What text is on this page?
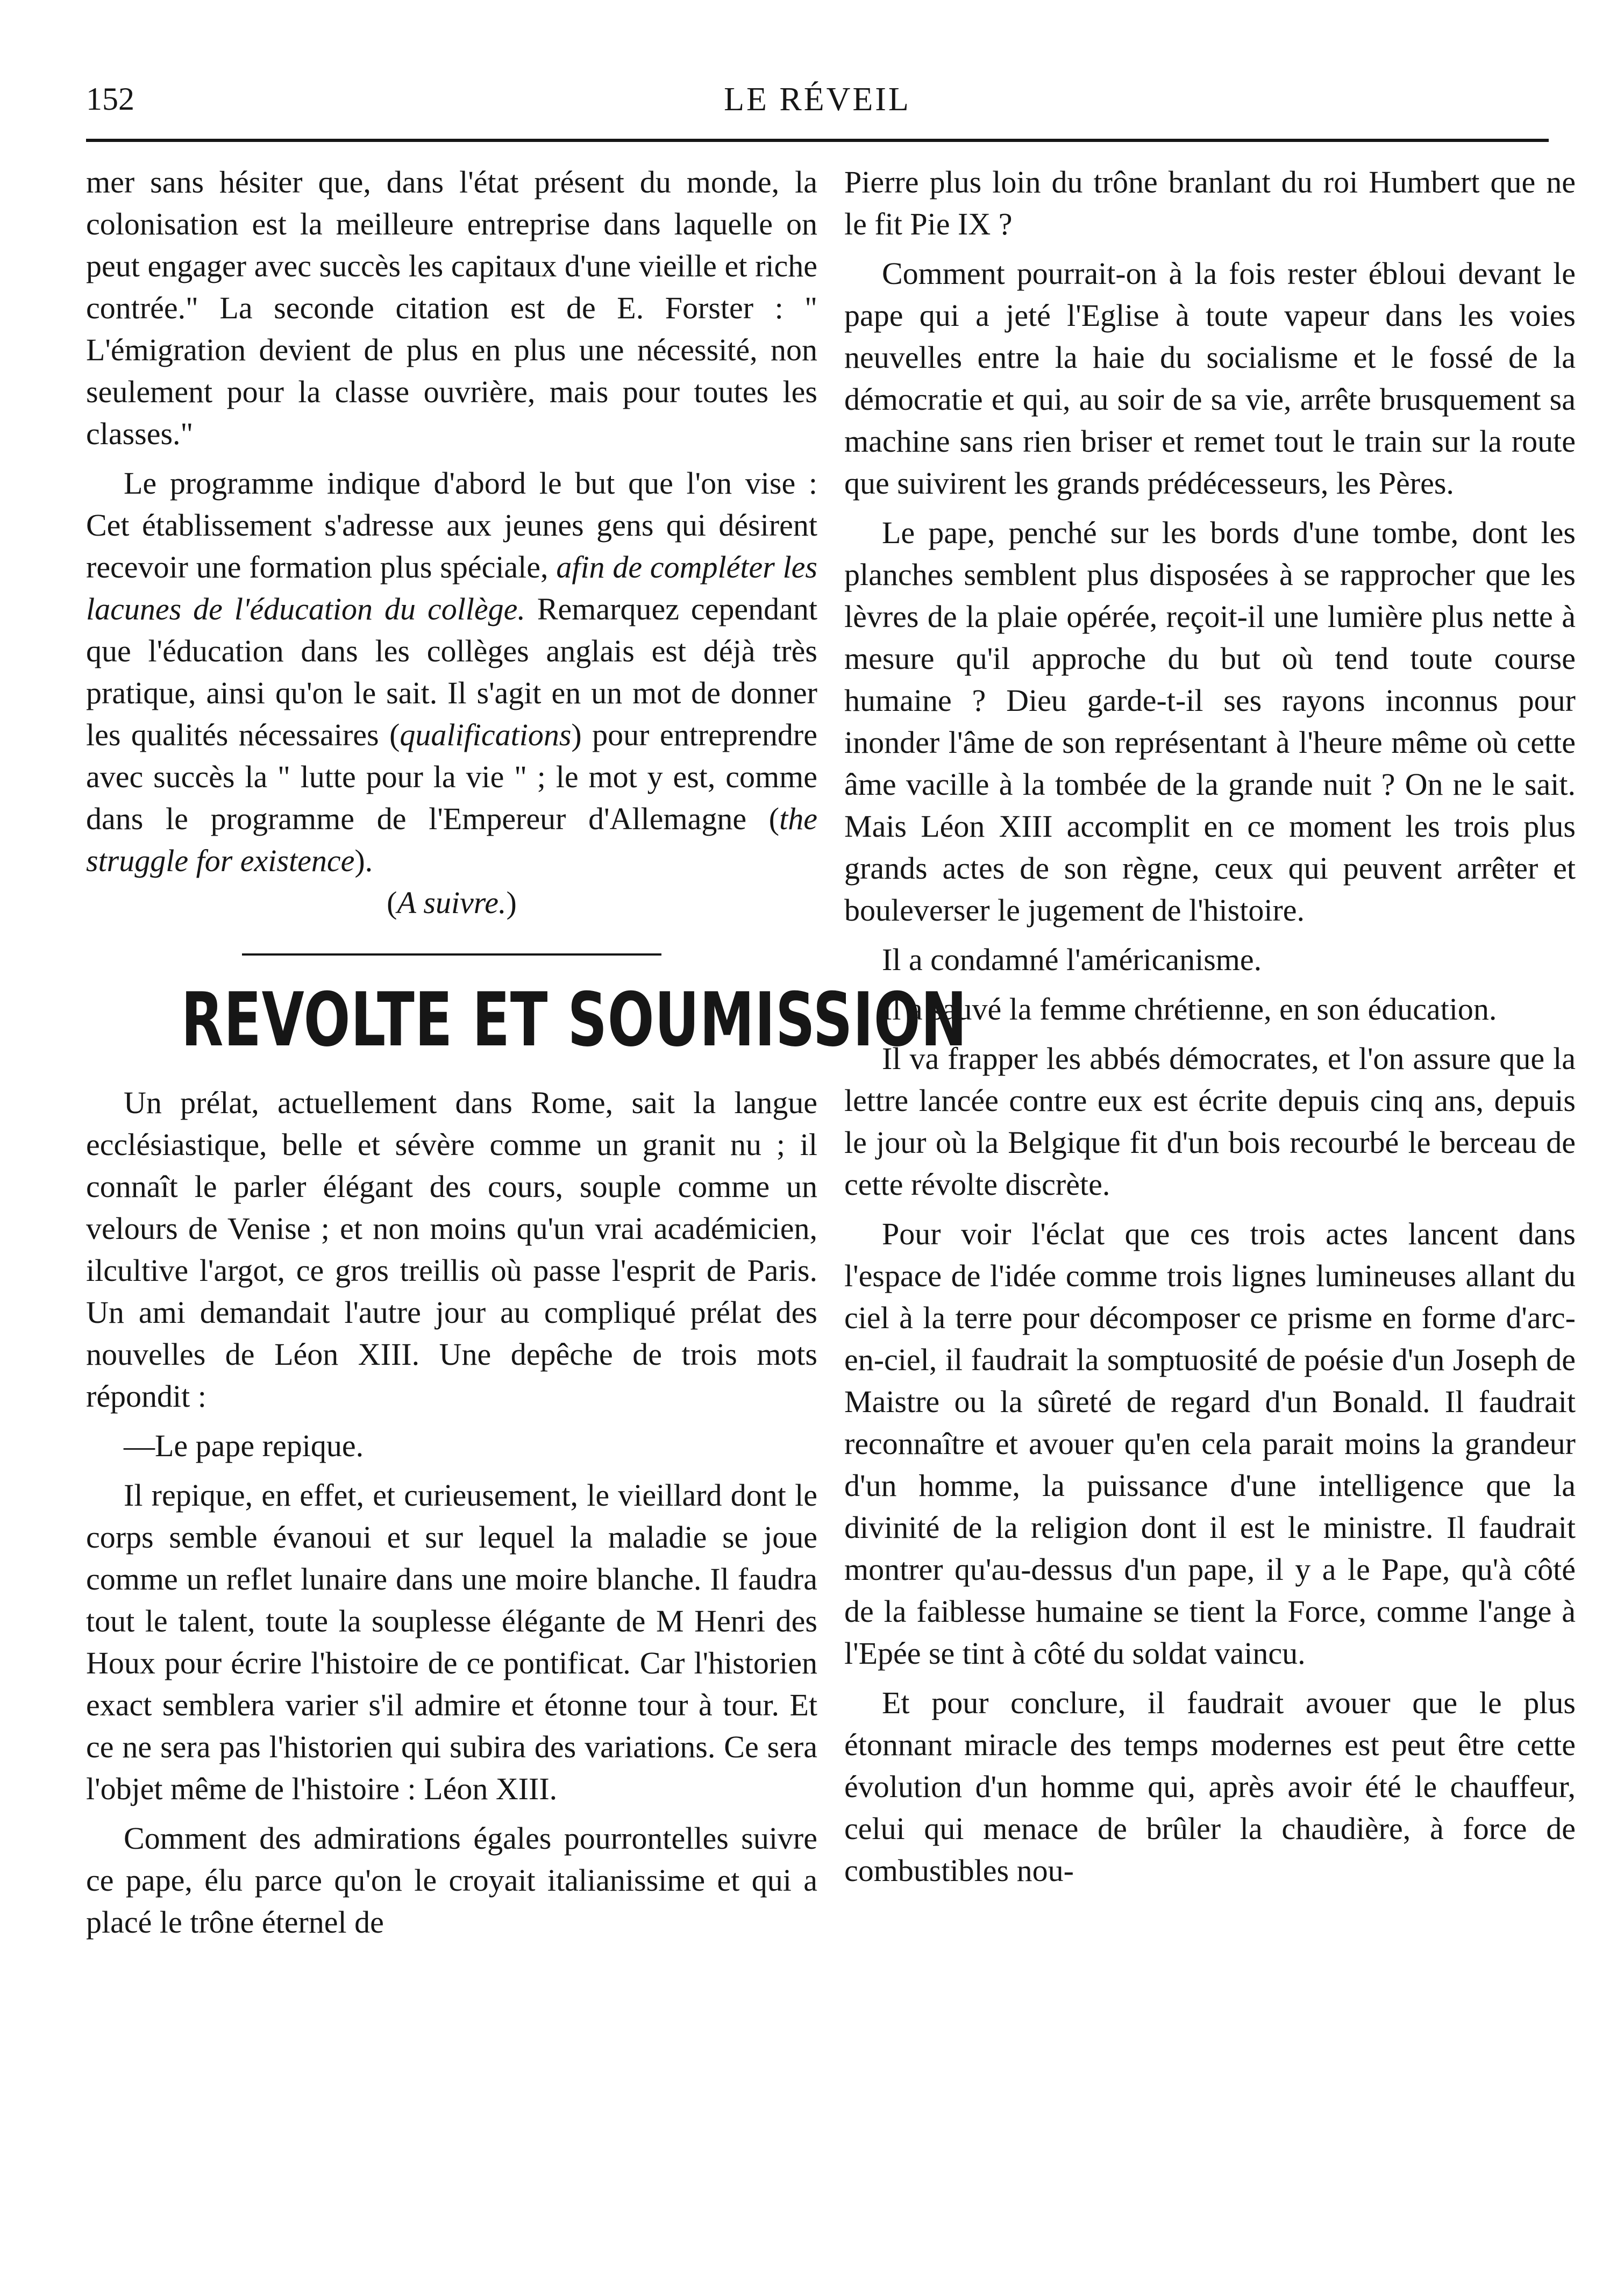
152	LE RÉVEIL

mer sans hésiter que, dans l'état présent du monde, la colonisation est la meilleure entreprise dans laquelle on peut engager avec succès les capitaux d'une vieille et riche contrée." La seconde citation est de E. Forster : " L'émigration devient de plus en plus une nécessité, non seulement pour la classe ouvrière, mais pour toutes les classes."

Le programme indique d'abord le but que l'on vise : Cet établissement s'adresse aux jeunes gens qui désirent recevoir une formation plus spéciale, afin de compléter les lacunes de l'éducation du collège. Remarquez cependant que l'éducation dans les collèges anglais est déjà très pratique, ainsi qu'on le sait. Il s'agit en un mot de donner les qualités nécessaires (qualifications) pour entreprendre avec succès la " lutte pour la vie " ; le mot y est, comme dans le programme de l'Empereur d'Allemagne (the struggle for existence).

(A suivre.)

REVOLTE ET SOUMISSION

Un prélat, actuellement dans Rome, sait la langue ecclésiastique, belle et sévère comme un granit nu ; il connaît le parler élégant des cours, souple comme un velours de Venise ; et non moins qu'un vrai académicien, ilcultive l'argot, ce gros treillis où passe l'esprit de Paris. Un ami demandait l'autre jour au compliqué prélat des nouvelles de Léon XIII. Une depêche de trois mots répondit :

—Le pape repique.

Il repique, en effet, et curieusement, le vieillard dont le corps semble évanoui et sur lequel la maladie se joue comme un reflet lunaire dans une moire blanche. Il faudra tout le talent, toute la souplesse élégante de M Henri des Houx pour écrire l'histoire de ce pontificat. Car l'historien exact semblera varier s'il admire et étonne tour à tour. Et ce ne sera pas l'historien qui subira des variations. Ce sera l'objet même de l'histoire : Léon XIII.

Comment des admirations égales pourrontelles suivre ce pape, élu parce qu'on le croyait italianissime et qui a placé le trône éternel de

Pierre plus loin du trône branlant du roi Humbert que ne le fit Pie IX ?

Comment pourrait-on à la fois rester ébloui devant le pape qui a jeté l'Eglise à toute vapeur dans les voies neuvelles entre la haie du socialisme et le fossé de la démocratie et qui, au soir de sa vie, arrête brusquement sa machine sans rien briser et remet tout le train sur la route que suivirent les grands prédécesseurs, les Pères.

Le pape, penché sur les bords d'une tombe, dont les planches semblent plus disposées à se rapprocher que les lèvres de la plaie opérée, reçoit-il une lumière plus nette à mesure qu'il approche du but où tend toute course humaine ? Dieu garde-t-il ses rayons inconnus pour inonder l'âme de son représentant à l'heure même où cette âme vacille à la tombée de la grande nuit ? On ne le sait. Mais Léon XIII accomplit en ce moment les trois plus grands actes de son règne, ceux qui peuvent arrêter et bouleverser le jugement de l'histoire.

Il a condamné l'américanisme.

Il a sauvé la femme chrétienne, en son éducation.

Il va frapper les abbés démocrates, et l'on assure que la lettre lancée contre eux est écrite depuis cinq ans, depuis le jour où la Belgique fit d'un bois recourbé le berceau de cette révolte discrète.

Pour voir l'éclat que ces trois actes lancent dans l'espace de l'idée comme trois lignes lumineuses allant du ciel à la terre pour décomposer ce prisme en forme d'arc-en-ciel, il faudrait la somptuosité de poésie d'un Joseph de Maistre ou la sûreté de regard d'un Bonald. Il faudrait reconnaître et avouer qu'en cela parait moins la grandeur d'un homme, la puissance d'une intelligence que la divinité de la religion dont il est le ministre. Il faudrait montrer qu'au-dessus d'un pape, il y a le Pape, qu'à côté de la faiblesse humaine se tient la Force, comme l'ange à l'Epée se tint à côté du soldat vaincu.

Et pour conclure, il faudrait avouer que le plus étonnant miracle des temps modernes est peut être cette évolution d'un homme qui, après avoir été le chauffeur, celui qui menace de brûler la chaudière, à force de combustibles nou-
